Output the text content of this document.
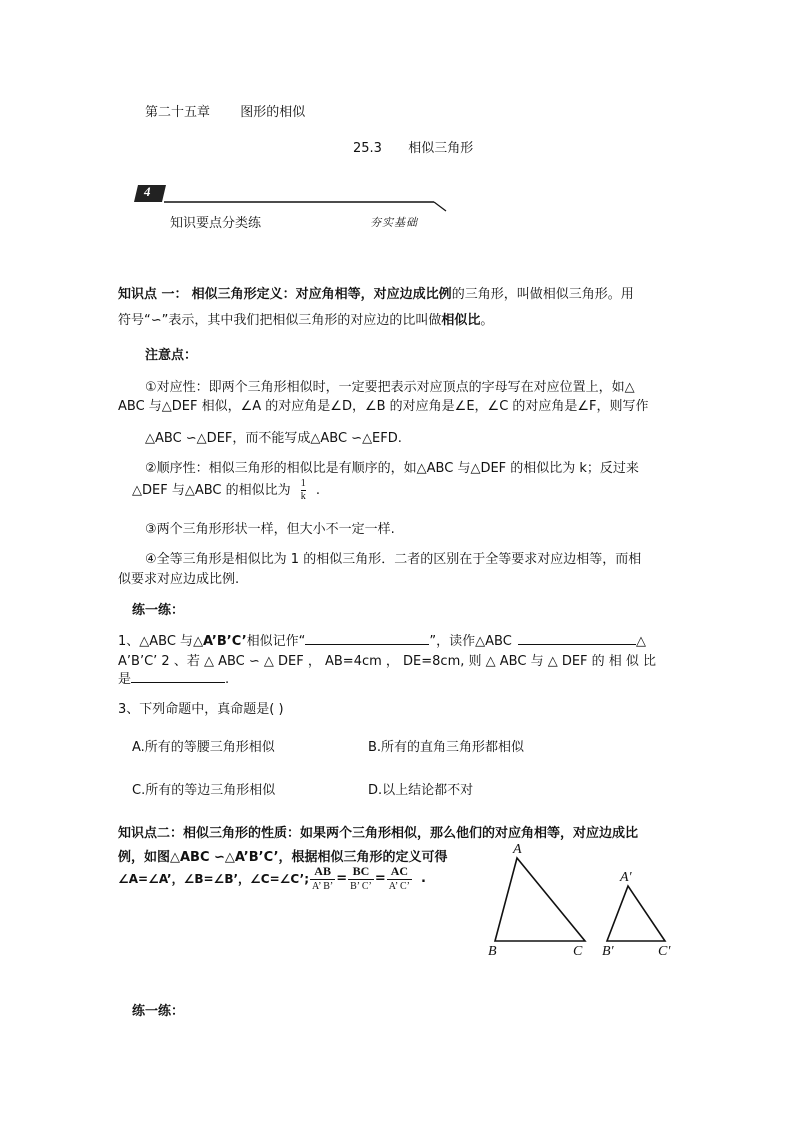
第二十五章 图形的相似
25.3 相似三角形
4
知识要点分类练	夯实基础
知识点 一： 相似三角形定义：对应角相等，对应边成比例的三角形，叫做相似三角形。用
符号“∽”表示，其中我们把相似三角形的对应边的比叫做相似比。
注意点：
①对应性：即两个三角形相似时，一定要把表示对应顶点的字母写在对应位置上，如△
ABC 与△DEF 相似，∠A 的对应角是∠D，∠B 的对应角是∠E，∠C 的对应角是∠F，则写作
△ABC ∽△DEF，而不能写成△ABC ∽△EFD.
②顺序性：相似三角形的相似比是有顺序的，如△ABC 与△DEF 的相似比为 k；反过来
△DEF 与△ABC 的相似比为 $\frac{1}{k}$ .
③两个三角形形状一样，但大小不一定一样.
④全等三角形是相似比为 1 的相似三角形．二者的区别在于全等要求对应边相等，而相
似要求对应边成比例.
练一练：
1、△ABC 与△A’B’C’相似记作“	”，读作△ABC	△
A’B’C’ 2 、若 △ ABC ∽ △ DEF ， AB=4cm ， DE=8cm, 则 △ ABC 与 △ DEF 的 相 似 比
是	.
3、下列命题中，真命题是( )
A.所有的等腰三角形相似	B.所有的直角三角形都相似
C.所有的等边三角形相似	D.以上结论都不对
知识点二：相似三角形的性质：如果两个三角形相似，那么他们的对应角相等，对应边成比
例，如图△ABC ∽△A’B’C’，根据相似三角形的定义可得
∠A=∠A’，∠B=∠B’，∠C=∠C’; $\frac{AB}{A’ B’} = \frac{BC}{B’ C’} = \frac{AC}{A’ C’}$ .
A
B	C
A′
B′	C′
练一练：
